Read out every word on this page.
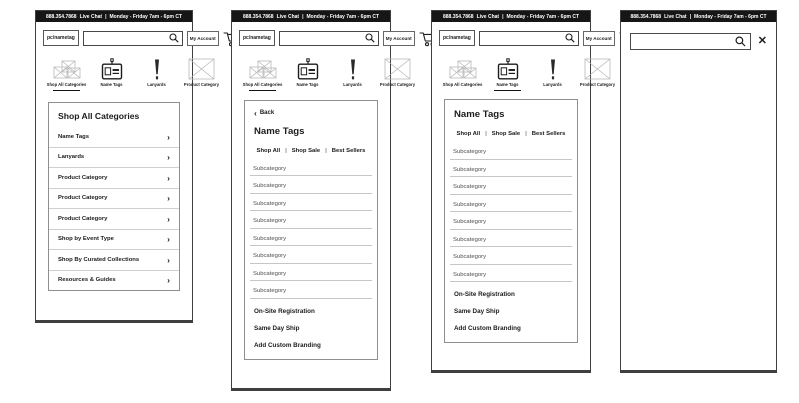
888.354.7868 Live Chat | Monday - Friday 7am - 6pm CT
pc/nametag	My Account
Shop All Categories	Name Tags	Lanyards	Product Category
Shop All Categories
Name Tags	›
Lanyards	›
Product Category	›
Product Category	›
Product Category	›
Shop by Event Type	›
Shop By Curated Collections	›
Resources & Guides	›
888.354.7868 Live Chat | Monday - Friday 7am - 6pm CT
pc/nametag	My Account
Shop All Categories	Name Tags	Lanyards	Product Category
‹ Back
Name Tags
Shop All | Shop Sale | Best Sellers
Subcategory
Subcategory
Subcategory
Subcategory
Subcategory
Subcategory
Subcategory
Subcategory
On-Site Registration
Same Day Ship
Add Custom Branding
888.354.7868 Live Chat | Monday - Friday 7am - 6pm CT
pc/nametag	My Account
Shop All Categories	Name Tags	Lanyards	Product Category
Name Tags
Shop All | Shop Sale | Best Sellers
Subcategory
Subcategory
Subcategory
Subcategory
Subcategory
Subcategory
Subcategory
Subcategory
On-Site Registration
Same Day Ship
Add Custom Branding
888.354.7868 Live Chat | Monday - Friday 7am - 6pm CT
✕
